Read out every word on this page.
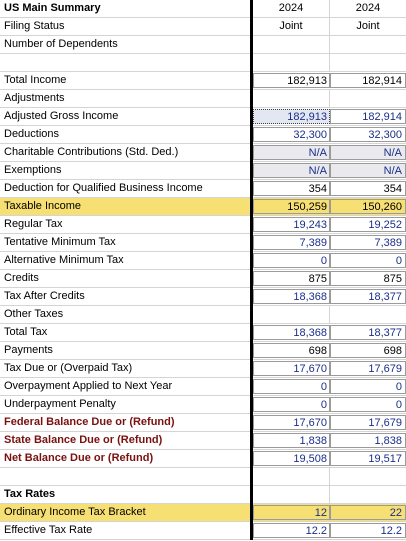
US Main Summary	2024	2024
Filing Status	Joint	Joint
Number of Dependents
Total Income	182,913	182,914
Adjustments
Adjusted Gross Income	182,913	182,914
Deductions	32,300	32,300
Charitable Contributions (Std. Ded.)	N/A	N/A
Exemptions	N/A	N/A
Deduction for Qualified Business Income	354	354
Taxable Income	150,259	150,260
Regular Tax	19,243	19,252
Tentative Minimum Tax	7,389	7,389
Alternative Minimum Tax	0	0
Credits	875	875
Tax After Credits	18,368	18,377
Other Taxes
Total Tax	18,368	18,377
Payments	698	698
Tax Due or (Overpaid Tax)	17,670	17,679
Overpayment Applied to Next Year	0	0
Underpayment Penalty	0	0
Federal Balance Due or (Refund)	17,670	17,679
State Balance Due or (Refund)	1,838	1,838
Net Balance Due or (Refund)	19,508	19,517
Tax Rates
Ordinary Income Tax Bracket	12	22
Effective Tax Rate	12.2	12.2
